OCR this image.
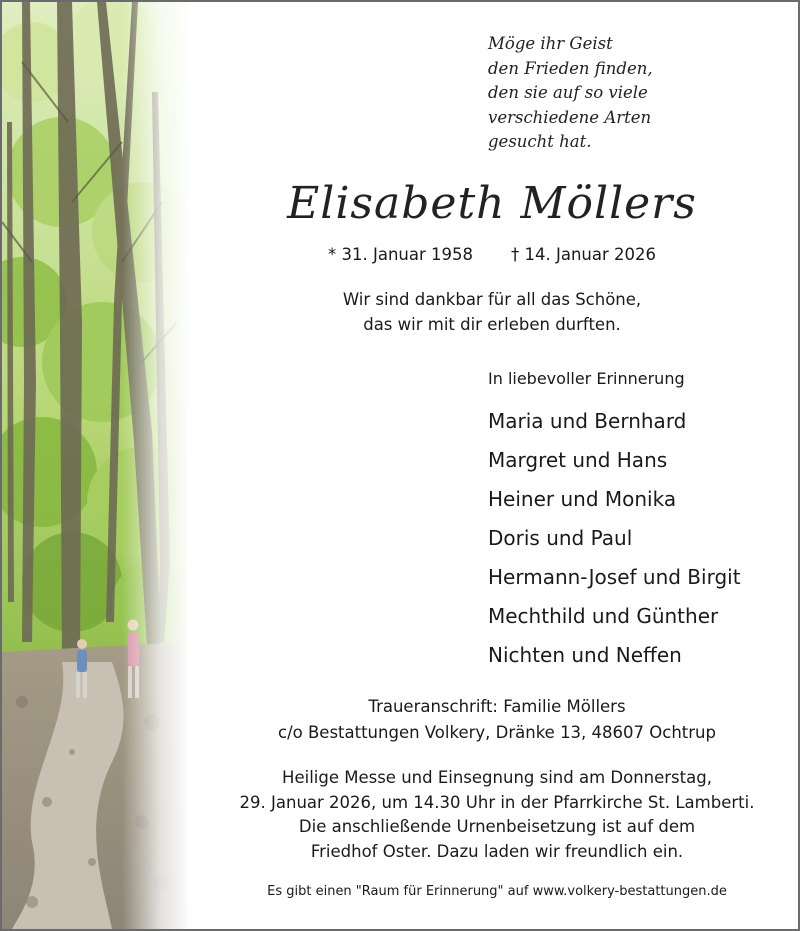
Möge ihr Geist
den Frieden finden,
den sie auf so viele
verschiedene Arten
gesucht hat.
Elisabeth Möllers
* 31. Januar 1958 † 14. Januar 2026
Wir sind dankbar für all das Schöne,
das wir mit dir erleben durften.
In liebevoller Erinnerung
Maria und Bernhard
Margret und Hans
Heiner und Monika
Doris und Paul
Hermann-Josef und Birgit
Mechthild und Günther
Nichten und Neffen
Traueranschrift: Familie Möllers
c/o Bestattungen Volkery, Dränke 13, 48607 Ochtrup
Heilige Messe und Einsegnung sind am Donnerstag,
29. Januar 2026, um 14.30 Uhr in der Pfarrkirche St. Lamberti.
Die anschließende Urnenbeisetzung ist auf dem
Friedhof Oster. Dazu laden wir freundlich ein.
Es gibt einen "Raum für Erinnerung" auf www.volkery-bestattungen.de
